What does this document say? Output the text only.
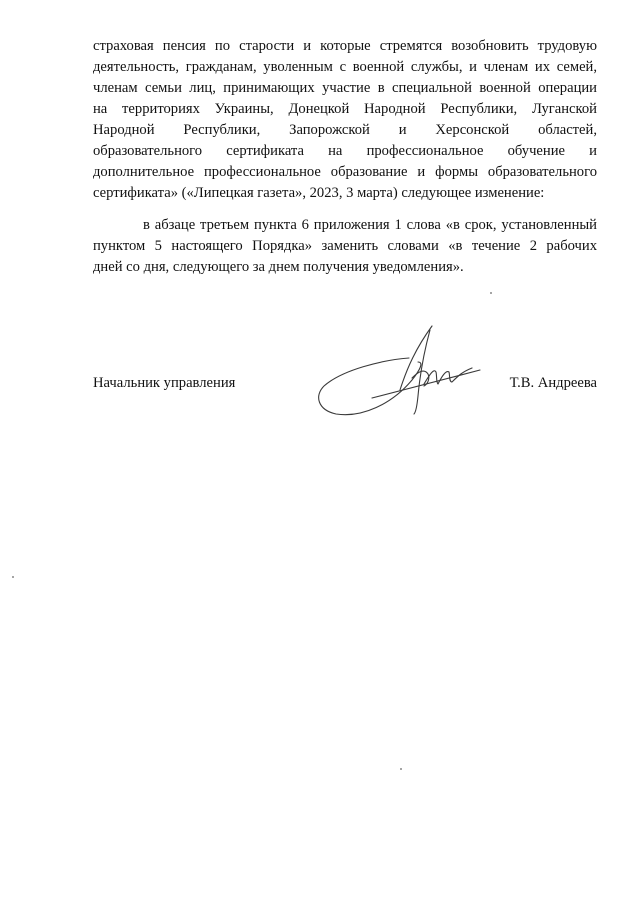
страховая пенсия по старости и которые стремятся возобновить трудовую
деятельность, гражданам, уволенным с военной службы, и членам их семей,
членам семьи лиц, принимающих участие в специальной военной операции
на территориях Украины, Донецкой Народной Республики, Луганской
Народной Республики, Запорожской и Херсонской областей,
образовательного сертификата на профессиональное обучение и
дополнительное профессиональное образование и формы образовательного
сертификата» («Липецкая газета», 2023, 3 марта) следующее изменение:
в абзаце третьем пункта 6 приложения 1 слова «в срок, установленный
пунктом 5 настоящего Порядка» заменить словами «в течение 2 рабочих
дней со дня, следующего за днем получения уведомления».
Начальник управления	Т.В. Андреева
